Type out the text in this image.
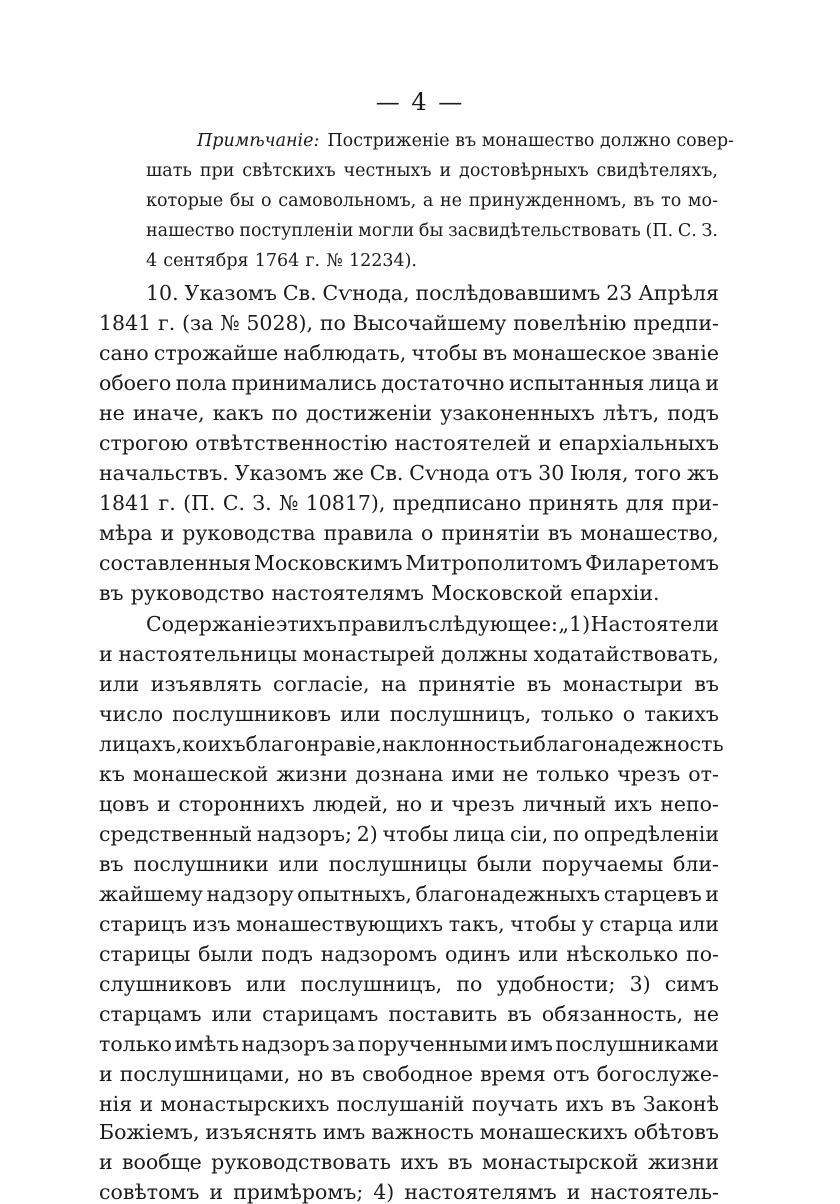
— 4 —
Примѣчаніе: Постриженіе въ монашество должно совер-
шать при свѣтскихъ честныхъ и достовѣрныхъ свидѣтеляхъ,
которые бы о самовольномъ, а не принужденномъ, въ то мо-
нашество поступленіи могли бы засвидѣтельствовать (П. С. З.
4 сентября 1764 г. № 12234).
10. Указомъ Св. Сѵнода, послѣдовавшимъ 23 Апрѣля
1841 г. (за № 5028), по Высочайшему повелѣнію предпи-
сано строжайше наблюдать, чтобы въ монашеское званіе
обоего пола принимались достаточно испытанныя лица и
не иначе, какъ по достиженіи узаконенныхъ лѣтъ, подъ
строгою отвѣтственностію настоятелей и епархіальныхъ
начальствъ. Указомъ же Св. Сѵнода отъ 30 Іюля, того жъ
1841 г. (П. С. З. № 10817), предписано принять для при-
мѣра и руководства правила о принятіи въ монашество,
составленныя Московскимъ Митрополитомъ Филаретомъ
въ руководство настоятелямъ Московской епархіи.
Содержаніе этихъ правилъ слѣдующее: „1) Настоятели
и настоятельницы монастырей должны ходатайствовать,
или изъявлять согласіе, на принятіе въ монастыри въ
число послушниковъ или послушницъ, только о такихъ
лицахъ, коихъ благонравіе, наклонность и благонадежность
къ монашеской жизни дознана ими не только чрезъ от-
цовъ и стороннихъ людей, но и чрезъ личный ихъ непо-
средственный надзоръ; 2) чтобы лица сіи, по опредѣленіи
въ послушники или послушницы были поручаемы бли-
жайшему надзору опытныхъ, благонадежныхъ старцевъ и
старицъ изъ монашествующихъ такъ, чтобы у старца или
старицы были подъ надзоромъ одинъ или нѣсколько по-
слушниковъ или послушницъ, по удобности; 3) симъ
старцамъ или старицамъ поставить въ обязанность, не
только имѣть надзоръ за порученными имъ послушниками
и послушницами, но въ свободное время отъ богослуже-
нія и монастырскихъ послушаній поучать ихъ въ Законѣ
Божіемъ, изъяснять имъ важность монашескихъ обѣтовъ
и вообще руководствовать ихъ въ монастырской жизни
совѣтомъ и примѣромъ; 4) настоятелямъ и настоятель-
